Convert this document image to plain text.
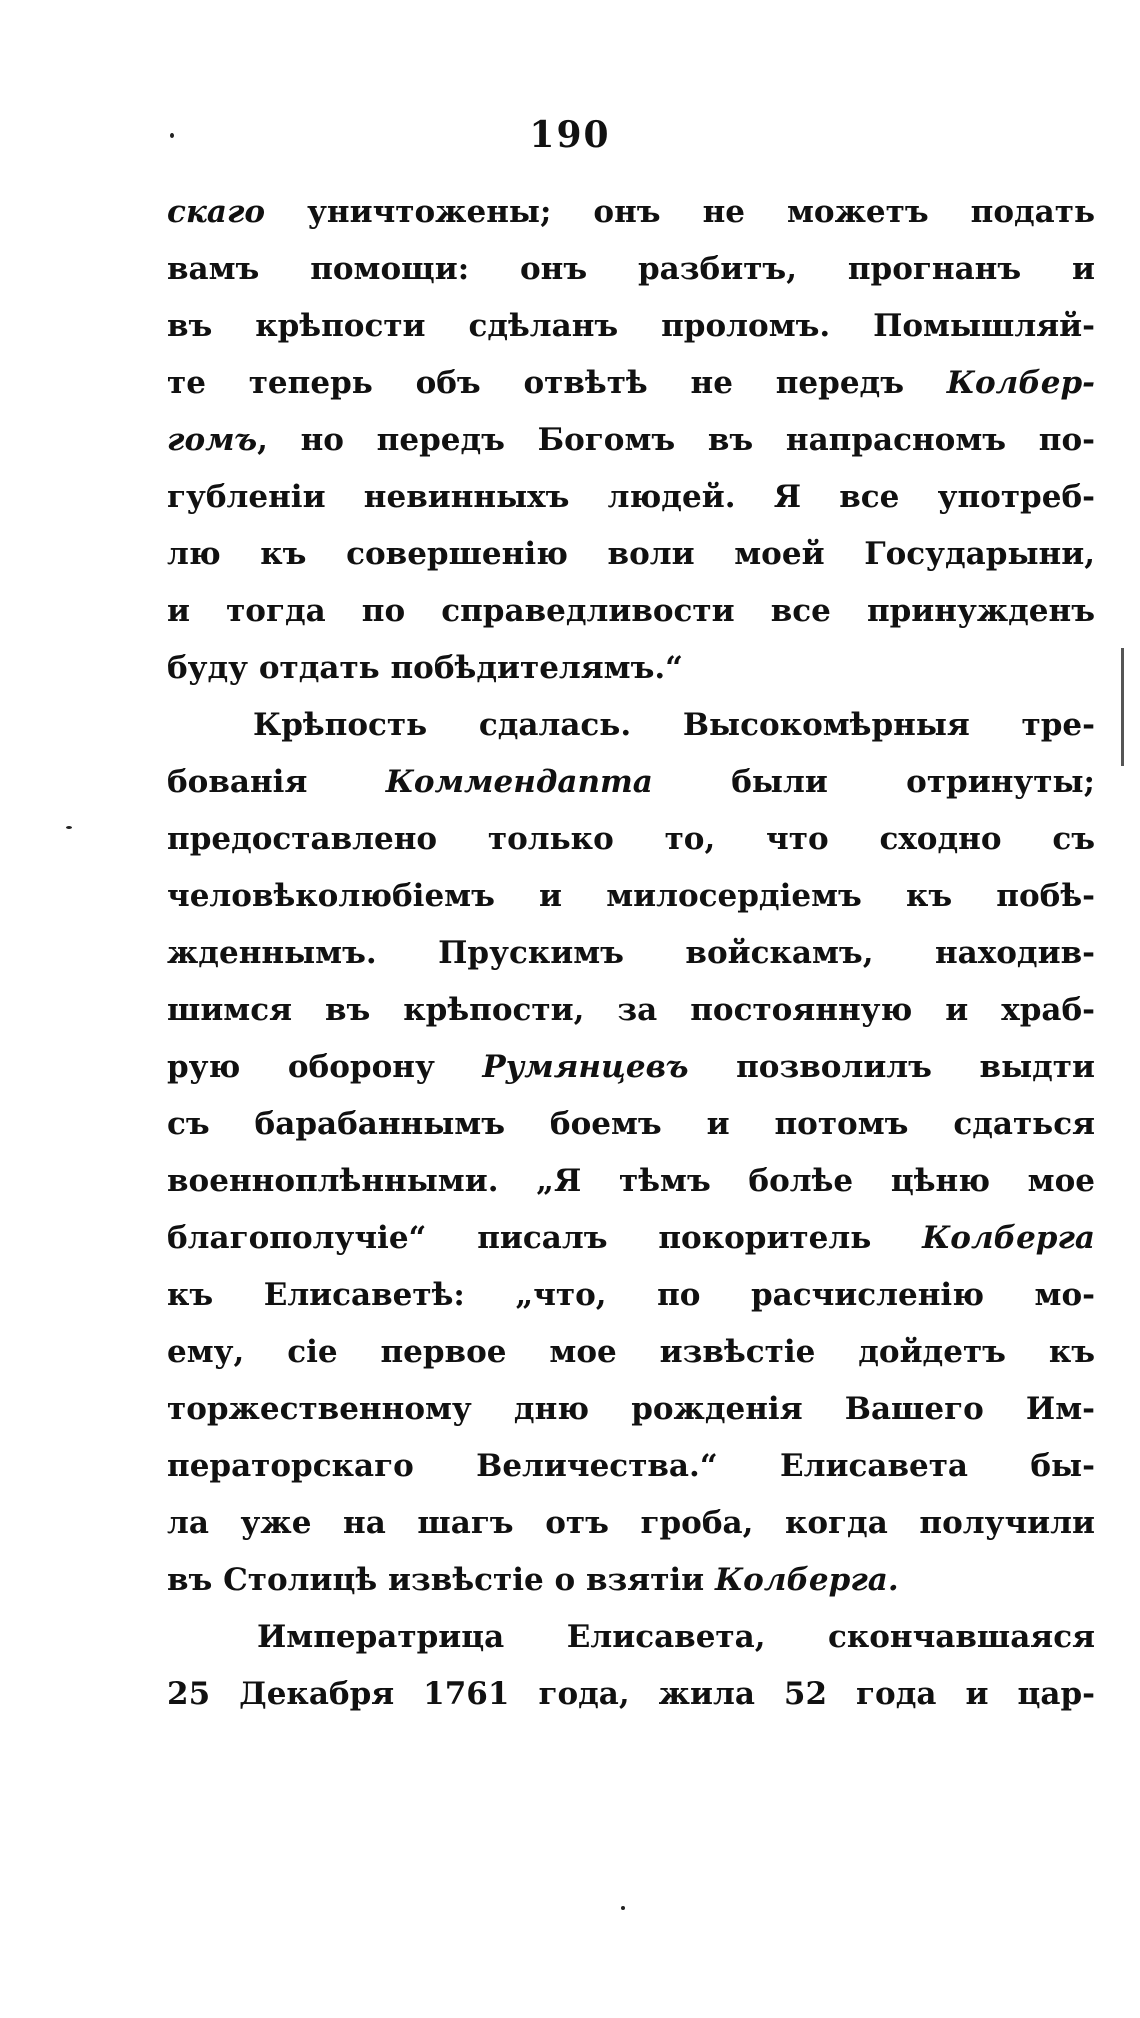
190
скаго уничтожены; онъ не можетъ подать
вамъ помощи: онъ разбитъ, прогнанъ и
въ крѣпости сдѣланъ проломъ. Помышляй-
те теперь объ отвѣтѣ не передъ Колбер-
гомъ, но передъ Богомъ въ напрасномъ по-
губленіи невинныхъ людей. Я все употреб-
лю къ совершенію воли моей Государыни,
и тогда по справедливости все принужденъ
буду отдать побѣдителямъ.“
Крѣпость сдалась. Высокомѣрныя тре-
бованія Коммендапта были отринуты;
предоставлено только то, что сходно съ
человѣколюбіемъ и милосердіемъ къ побѣ-
жденнымъ. Прускимъ войскамъ, находив-
шимся въ крѣпости, за постоянную и храб-
рую оборону Румянцевъ позволилъ выдти
съ барабаннымъ боемъ и потомъ сдаться
военноплѣнными. „Я тѣмъ болѣе цѣню мое
благополучіе“ писалъ покоритель Колберга
къ Елисаветѣ: „что, по расчисленію мо-
ему, сіе первое мое извѣстіе дойдетъ къ
торжественному дню рожденія Вашего Им-
ператорскаго Величества.“ Елисавета бы-
ла уже на шагъ отъ гроба, когда получили
въ Столицѣ извѣстіе о взятіи Колберга.
Императрица Елисавета, скончавшаяся
25 Декабря 1761 года, жила 52 года и цар-
